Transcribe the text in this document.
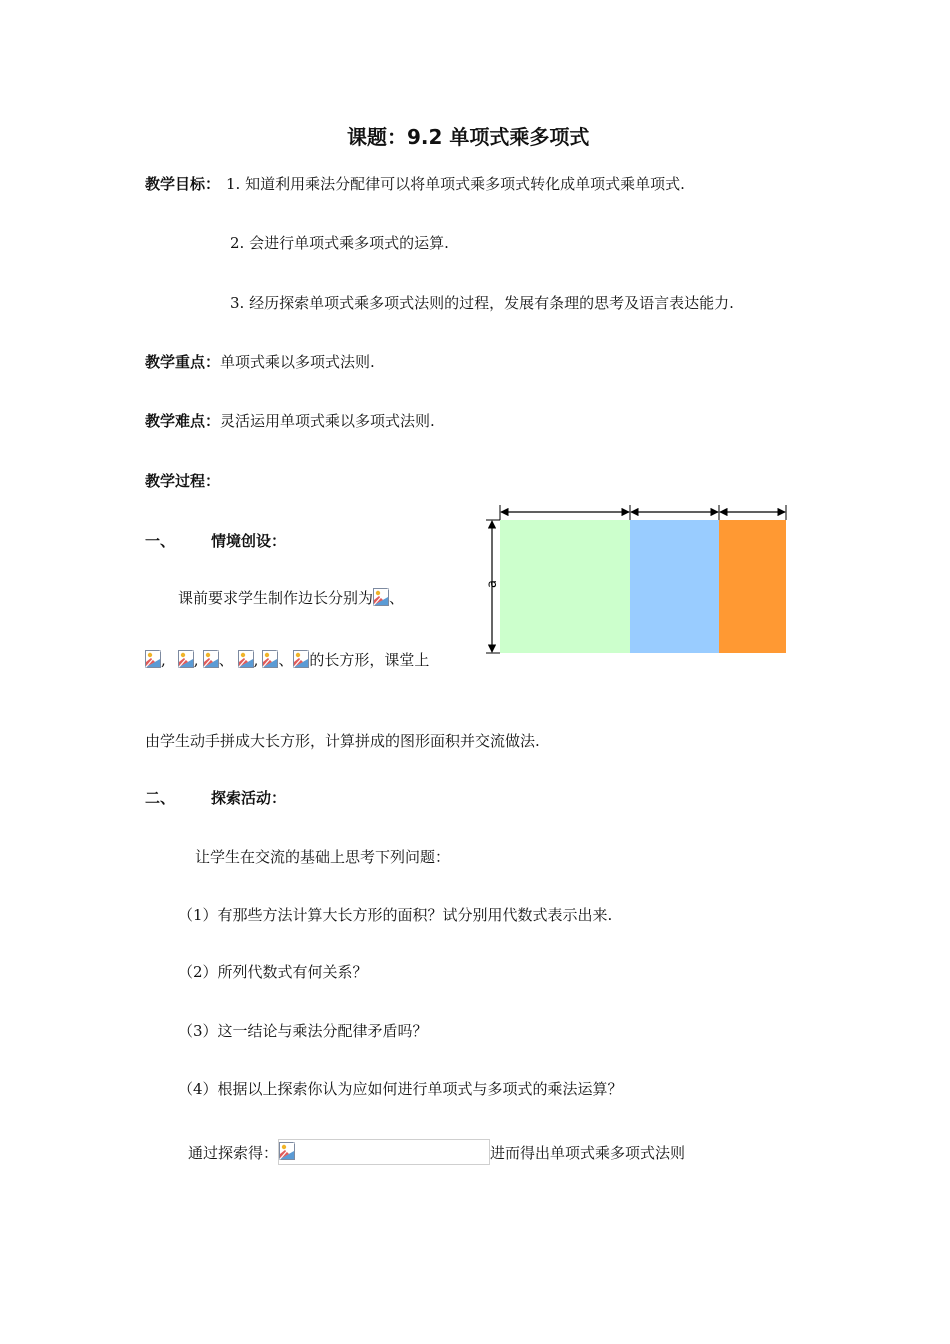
课题：9.2 单项式乘多项式
教学目标： 1. 知道利用乘法分配律可以将单项式乘多项式转化成单项式乘单项式.
2. 会进行单项式乘多项式的运算.
3. 经历探索单项式乘多项式法则的过程，发展有条理的思考及语言表达能力.
教学重点：单项式乘以多项式法则.
教学难点：灵活运用单项式乘以多项式法则.
教学过程：
一、 情境创设：
课前要求学生制作边长分别为 、
, , 、 , 、 的长方形，课堂上
由学生动手拼成大长方形，计算拼成的图形面积并交流做法.
a
二、 探索活动：
让学生在交流的基础上思考下列问题：
（1）有那些方法计算大长方形的面积？试分别用代数式表示出来.
（2）所列代数式有何关系？
（3）这一结论与乘法分配律矛盾吗？
（4）根据以上探索你认为应如何进行单项式与多项式的乘法运算？
通过探索得：	进而得出单项式乘多项式法则
